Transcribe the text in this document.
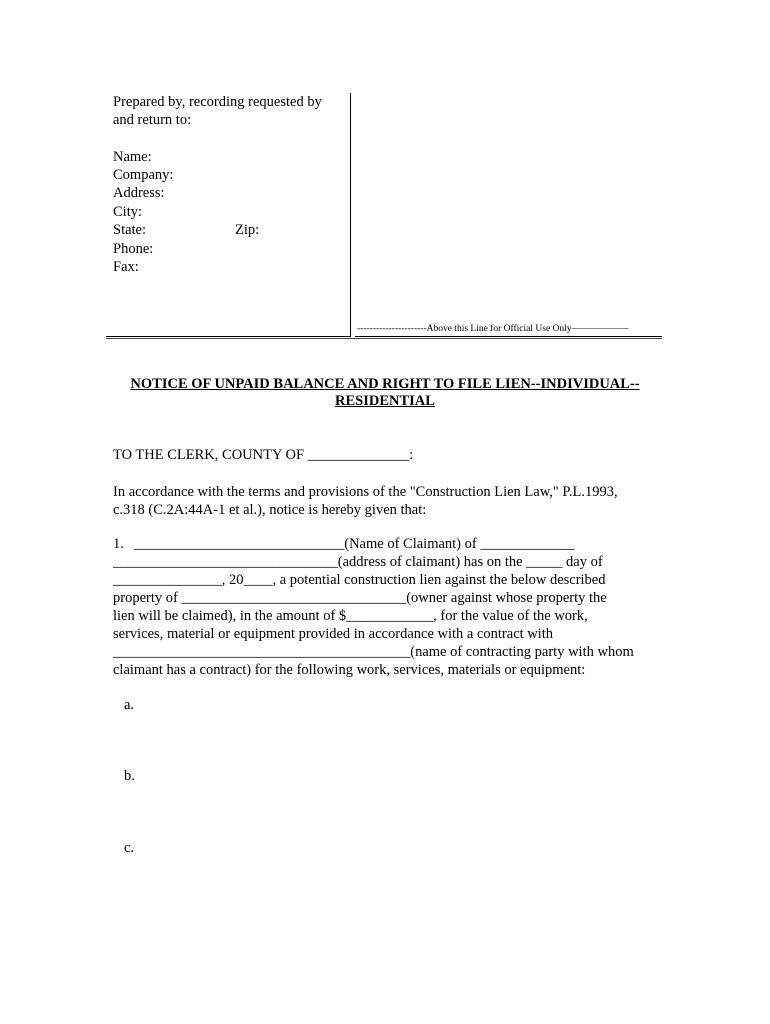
Prepared by, recording requested by
and return to:
Name:
Company:
Address:
City:
State:	Zip:
Phone:
Fax:
----------------------Above this Line for Official Use Only——————
NOTICE OF UNPAID BALANCE AND RIGHT TO FILE LIEN--INDIVIDUAL--
RESIDENTIAL
TO THE CLERK, COUNTY OF ______________:
In accordance with the terms and provisions of the "Construction Lien Law," P.L.1993,
c.318 (C.2A:44A-1 et al.), notice is hereby given that:
1. _____________________________(Name of Claimant) of _____________
_______________________________(address of claimant) has on the _____ day of
_______________, 20____, a potential construction lien against the below described
property of _______________________________(owner against whose property the
lien will be claimed), in the amount of $____________, for the value of the work,
services, material or equipment provided in accordance with a contract with
_________________________________________(name of contracting party with whom
claimant has a contract) for the following work, services, materials or equipment:
a.
b.
c.
